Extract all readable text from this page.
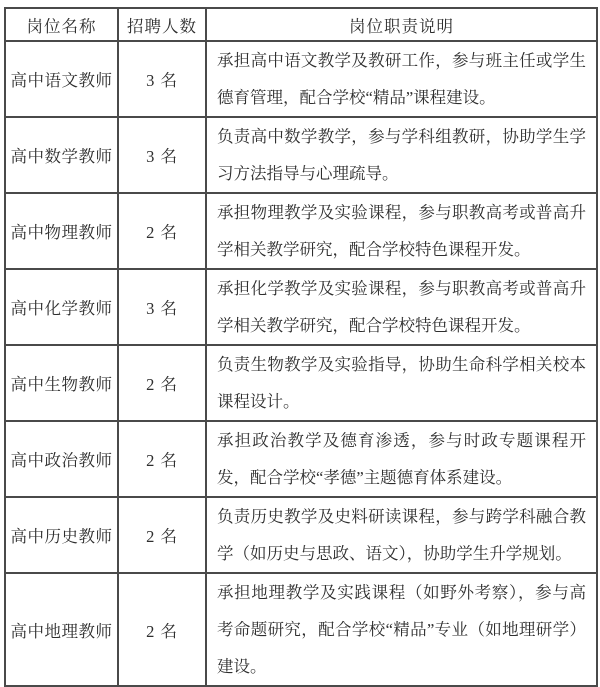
岗位名称	招聘人数	岗位职责说明
高中语文教师	3 名	承担高中语文教学及教研工作，参与班主任或学生德育管理，配合学校“精品”课程建设。
高中数学教师	3 名	负责高中数学教学，参与学科组教研，协助学生学习方法指导与心理疏导。
高中物理教师	2 名	承担物理教学及实验课程，参与职教高考或普高升学相关教学研究，配合学校特色课程开发。
高中化学教师	3 名	承担化学教学及实验课程，参与职教高考或普高升学相关教学研究，配合学校特色课程开发。
高中生物教师	2 名	负责生物教学及实验指导，协助生命科学相关校本课程设计。
高中政治教师	2 名	承担政治教学及德育渗透，参与时政专题课程开发，配合学校“孝德”主题德育体系建设。
高中历史教师	2 名	负责历史教学及史料研读课程，参与跨学科融合教学（如历史与思政、语文），协助学生升学规划。
高中地理教师	2 名	承担地理教学及实践课程（如野外考察），参与高考命题研究，配合学校“精品”专业（如地理研学）建设。
